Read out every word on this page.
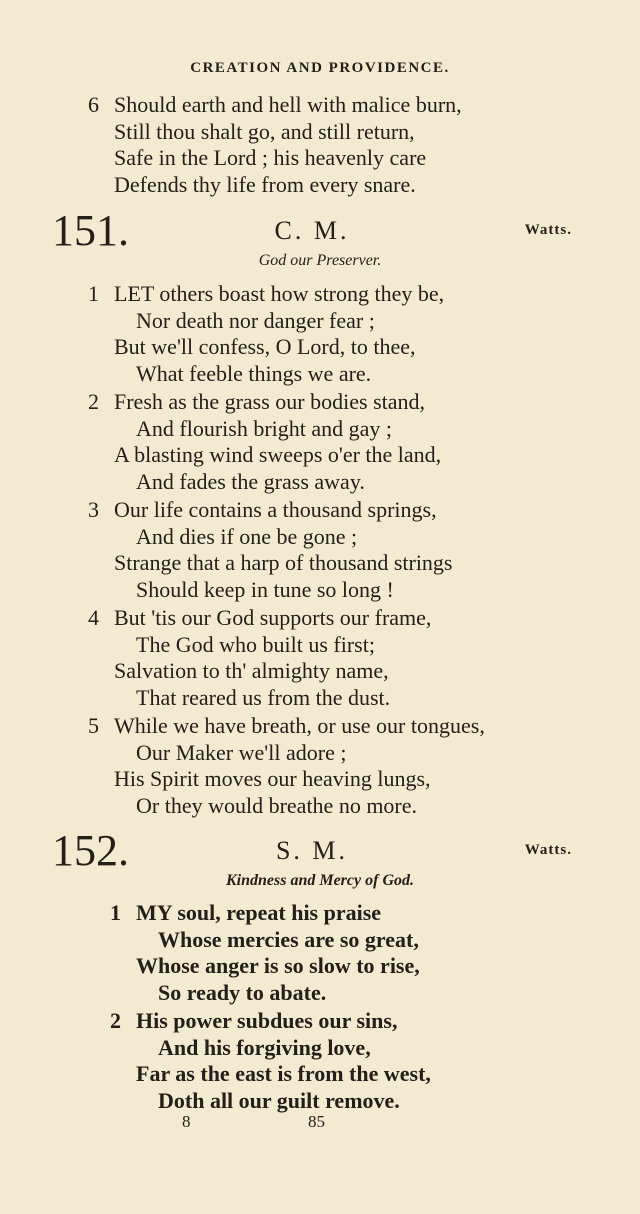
CREATION AND PROVIDENCE.
6 Should earth and hell with malice burn,
Still thou shalt go, and still return,
Safe in the Lord ; his heavenly care
Defends thy life from every snare.
151.	C. M.	Watts.
God our Preserver.
1 LET others boast how strong they be,
Nor death nor danger fear ;
But we'll confess, O Lord, to thee,
What feeble things we are.
2 Fresh as the grass our bodies stand,
And flourish bright and gay ;
A blasting wind sweeps o'er the land,
And fades the grass away.
3 Our life contains a thousand springs,
And dies if one be gone ;
Strange that a harp of thousand strings
Should keep in tune so long !
4 But 'tis our God supports our frame,
The God who built us first;
Salvation to th' almighty name,
That reared us from the dust.
5 While we have breath, or use our tongues,
Our Maker we'll adore ;
His Spirit moves our heaving lungs,
Or they would breathe no more.
152.	S. M.	Watts.
Kindness and Mercy of God.
1 MY soul, repeat his praise
Whose mercies are so great,
Whose anger is so slow to rise,
So ready to abate.
2 His power subdues our sins,
And his forgiving love,
Far as the east is from the west,
Doth all our guilt remove.
8	85
